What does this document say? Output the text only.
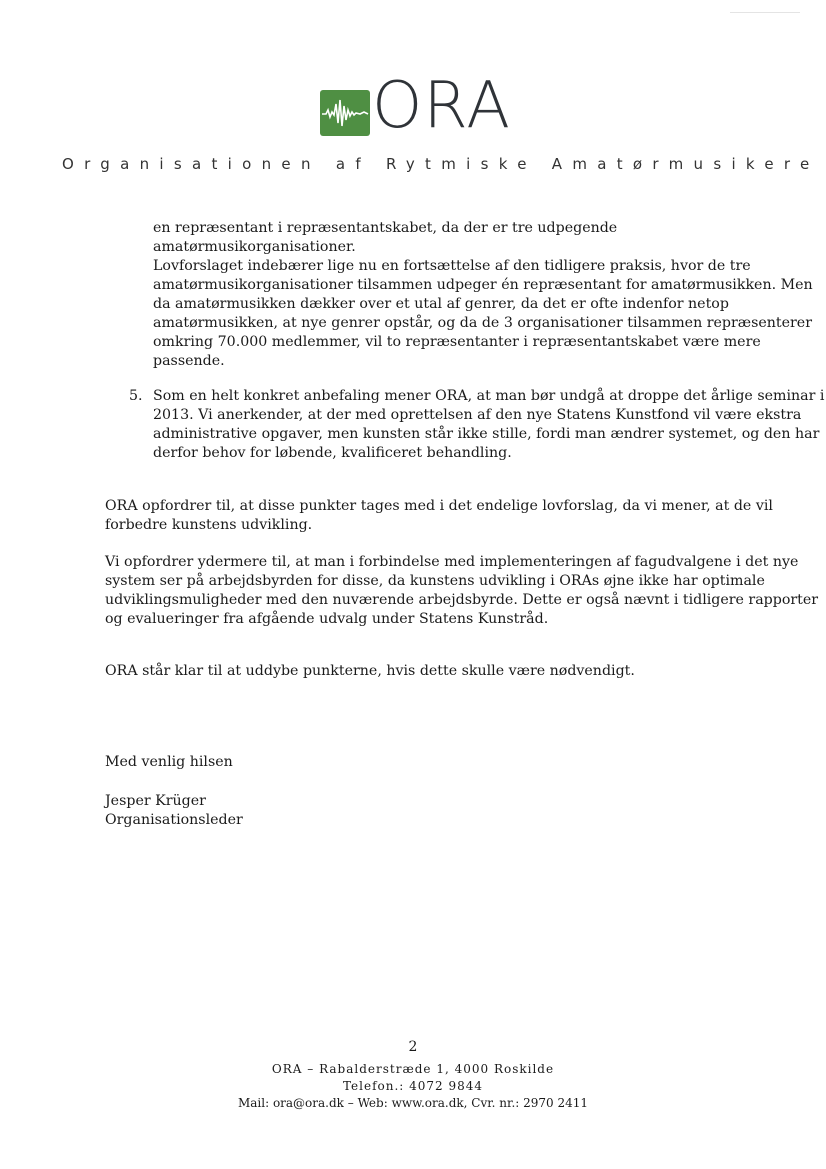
ORA
Organisationen af Rytmiske Amatørmusikere

en repræsentant i repræsentantskabet, da der er tre udpegende

amatørmusikorganisationer.

Lovforslaget indebærer lige nu en fortsættelse af den tidligere praksis, hvor de tre

amatørmusikorganisationer tilsammen udpeger én repræsentant for amatørmusikken. Men

da amatørmusikken dækker over et utal af genrer, da det er ofte indenfor netop

amatørmusikken, at nye genrer opstår, og da de 3 organisationer tilsammen repræsenterer

omkring 70.000 medlemmer, vil to repræsentanter i repræsentantskabet være mere

passende.

5. Som en helt konkret anbefaling mener ORA, at man bør undgå at droppe det årlige seminar i

2013. Vi anerkender, at der med oprettelsen af den nye Statens Kunstfond vil være ekstra

administrative opgaver, men kunsten står ikke stille, fordi man ændrer systemet, og den har

derfor behov for løbende, kvalificeret behandling.

ORA opfordrer til, at disse punkter tages med i det endelige lovforslag, da vi mener, at de vil

forbedre kunstens udvikling.

Vi opfordrer ydermere til, at man i forbindelse med implementeringen af fagudvalgene i det nye

system ser på arbejdsbyrden for disse, da kunstens udvikling i ORAs øjne ikke har optimale

udviklingsmuligheder med den nuværende arbejdsbyrde. Dette er også nævnt i tidligere rapporter

og evalueringer fra afgående udvalg under Statens Kunstråd.

ORA står klar til at uddybe punkterne, hvis dette skulle være nødvendigt.

Med venlig hilsen

Jesper Krüger

Organisationsleder

2
ORA – Rabalderstræde 1, 4000 Roskilde
Telefon.: 4072 9844
Mail: ora@ora.dk – Web: www.ora.dk, Cvr. nr.: 2970 2411
